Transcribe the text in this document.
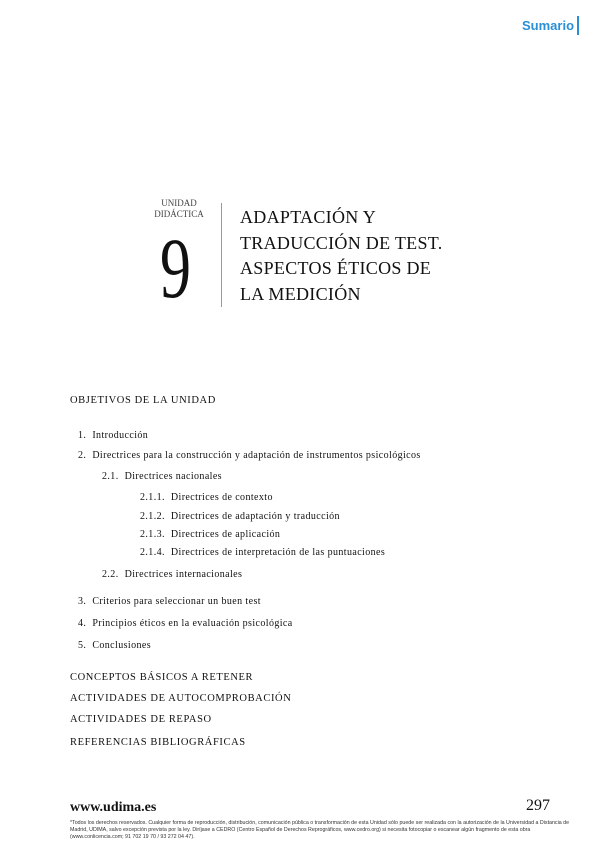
Sumario
UNIDAD
DIDÁCTICA
9
ADAPTACIÓN Y
TRADUCCIÓN DE TEST.
ASPECTOS ÉTICOS DE
LA MEDICIÓN
OBJETIVOS DE LA UNIDAD
1. Introducción
2. Directrices para la construcción y adaptación de instrumentos psicológicos
2.1. Directrices nacionales
2.1.1. Directrices de contexto
2.1.2. Directrices de adaptación y traducción
2.1.3. Directrices de aplicación
2.1.4. Directrices de interpretación de las puntuaciones
2.2. Directrices internacionales
3. Criterios para seleccionar un buen test
4. Principios éticos en la evaluación psicológica
5. Conclusiones
CONCEPTOS BÁSICOS A RETENER
ACTIVIDADES DE AUTOCOMPROBACIÓN
ACTIVIDADES DE REPASO
REFERENCIAS BIBLIOGRÁFICAS
www.udima.es	297
*Todos los derechos reservados. Cualquier forma de reproducción, distribución, comunicación pública o transformación de esta Unidad sólo puede ser realizada con la autorización de la Universidad a Distancia de Madrid, UDIMA, salvo excepción prevista por la ley. Diríjase a CEDRO (Centro Español de Derechos Reprográficos, www.cedro.org) si necesita fotocopiar o escanear algún fragmento de esta obra (www.conlicencia.com; 91 702 19 70 / 93 272 04 47).
